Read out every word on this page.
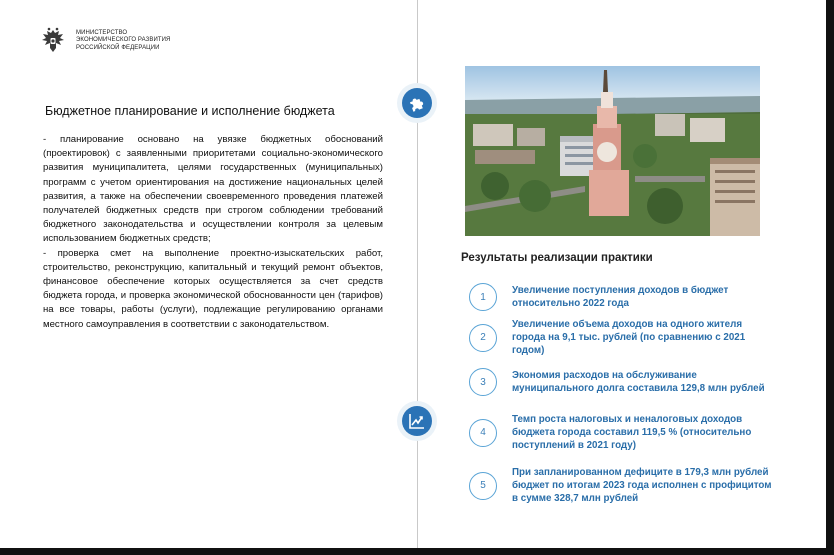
МИНИСТЕРСТВО
ЭКОНОМИЧЕСКОГО РАЗВИТИЯ
РОССИЙСКОЙ ФЕДЕРАЦИИ
Бюджетное планирование и исполнение бюджета

- планирование основано на увязке бюджетных обоснований (проектировок) с заявленными приоритетами социально-экономического развития муниципалитета, целями государственных (муниципальных) программ с учетом ориентирования на достижение национальных целей развития, а также на обеспечении своевременного проведения платежей получателей бюджетных средств при строгом соблюдении требований бюджетного законодательства и осуществлении контроля за целевым использованием бюджетных средств;

- проверка смет на выполнение проектно-изыскательских работ, строительство, реконструкцию, капитальный и текущий ремонт объектов, финансовое обеспечение которых осуществляется за счет средств бюджета города, и проверка экономической обоснованности цен (тарифов) на все товары, работы (услуги), подлежащие регулированию органами местного самоуправления в соответствии с законодательством.

Результаты реализации практики
1
Увеличение поступления доходов в бюджет относительно 2022 года
2
Увеличение объема доходов на одного жителя города на 9,1 тыс. рублей (по сравнению с 2021 годом)
3
Экономия расходов на обслуживание муниципального долга составила 129,8 млн рублей
4
Темп роста налоговых и неналоговых доходов бюджета города составил 119,5 % (относительно поступлений в 2021 году)
5
При запланированном дефиците в 179,3 млн рублей бюджет по итогам 2023 года исполнен с профицитом в сумме 328,7 млн рублей
